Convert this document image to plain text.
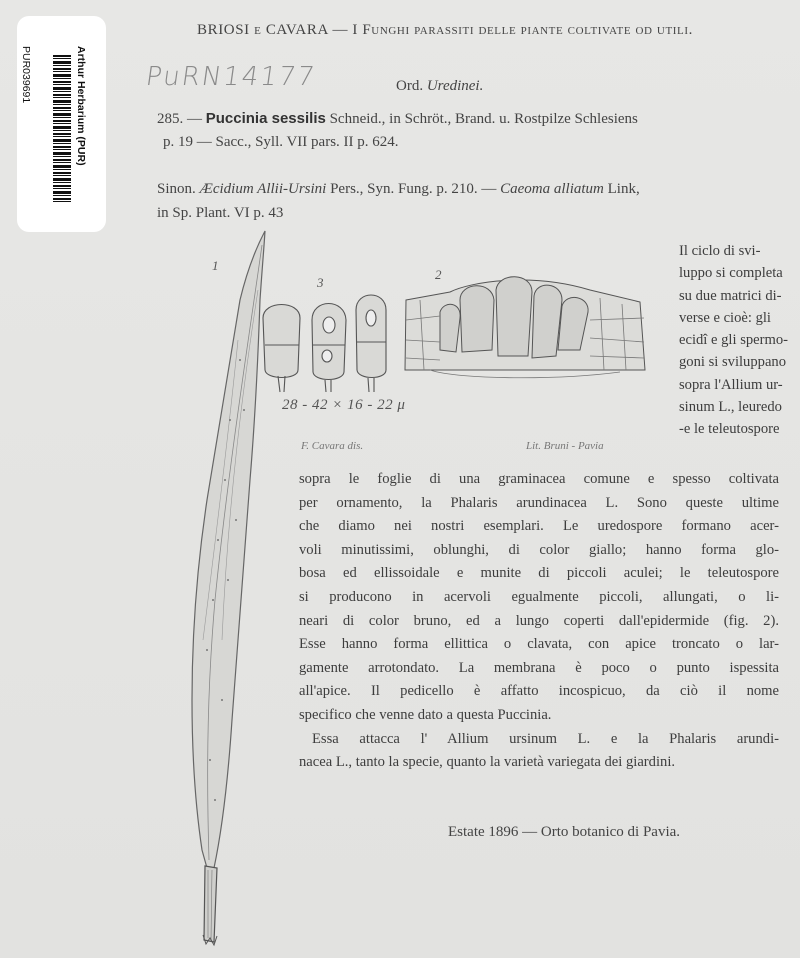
Arthur Herbarium (PUR)
PUR039691
BRIOSI E CAVARA — I Funghi parassiti delle piante coltivate od utili.
PuRN14177	Ord. Uredinei.
285. — Puccinia sessilis Schneid., in Schröt., Brand. u. Rostpilze Schlesiens
p. 19 — Sacc., Syll. VII pars. II p. 624.
Sinon. Æcidium Allii-Ursini Pers., Syn. Fung. p. 210. — Caeoma alliatum Link,
in Sp. Plant. VI p. 43
1
3
2
28 - 42 × 16 - 22 μ
F. Cavara dis.	Lit. Bruni - Pavia
Il ciclo di svi-
luppo si completa
su due matrici di-
verse e cioè: gli
ecidî e gli spermo-
goni si sviluppano
sopra l'Allium ur-
sinum L., leuredo
-e le teleutospore
sopra le foglie di una graminacea comune e spesso coltivata
per ornamento, la Phalaris arundinacea L. Sono queste ultime
che diamo nei nostri esemplari. Le uredospore formano acer-
voli minutissimi, oblunghi, di color giallo; hanno forma glo-
bosa ed ellissoidale e munite di piccoli aculei; le teleutospore
si producono in acervoli egualmente piccoli, allungati, o li-
neari di color bruno, ed a lungo coperti dall'epidermide (fig. 2).
Esse hanno forma ellittica o clavata, con apice troncato o lar-
gamente arrotondato. La membrana è poco o punto ispessita
all'apice. Il pedicello è affatto incospicuo, da ciò il nome
specifico che venne dato a questa Puccinia.
Essa attacca l' Allium ursinum L. e la Phalaris arundi-
nacea L., tanto la specie, quanto la varietà variegata dei giardini.
Estate 1896 — Orto botanico di Pavia.
